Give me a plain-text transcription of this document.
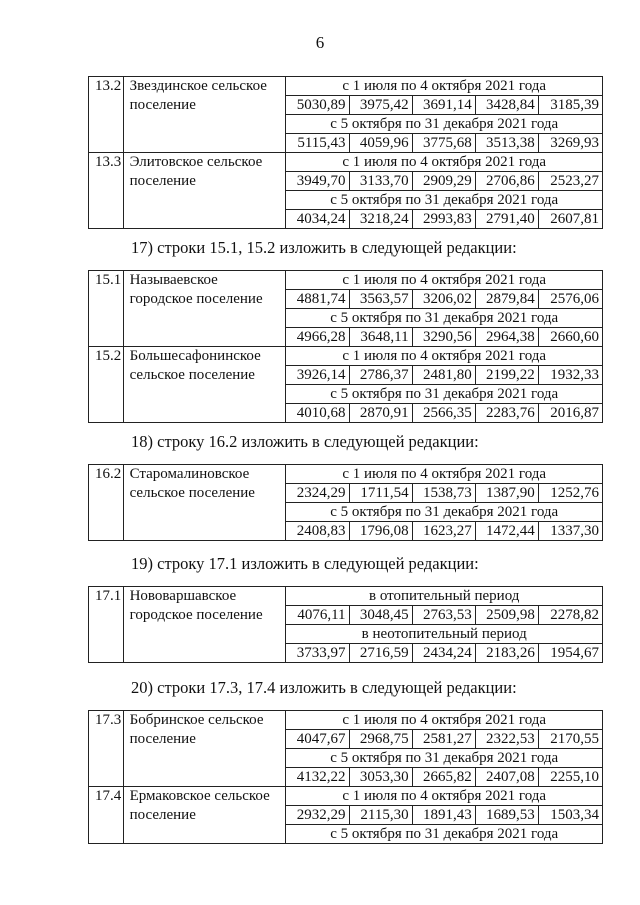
6
13.2	Звездинское сельское
поселение	с 1 июля по 4 октября 2021 года				
		5030,89	3975,42	3691,14	3428,84	3185,39
		с 5 октября по 31 декабря 2021 года				
		5115,43	4059,96	3775,68	3513,38	3269,93
13.3	Элитовское сельское
поселение	с 1 июля по 4 октября 2021 года				
		3949,70	3133,70	2909,29	2706,86	2523,27
		с 5 октября по 31 декабря 2021 года				
		4034,24	3218,24	2993,83	2791,40	2607,81
17) строки 15.1, 15.2 изложить в следующей редакции:
15.1	Называевское
городское поселение	с 1 июля по 4 октября 2021 года				
		4881,74	3563,57	3206,02	2879,84	2576,06
		с 5 октября по 31 декабря 2021 года				
		4966,28	3648,11	3290,56	2964,38	2660,60
15.2	Большесафонинское
сельское поселение	с 1 июля по 4 октября 2021 года				
		3926,14	2786,37	2481,80	2199,22	1932,33
		с 5 октября по 31 декабря 2021 года				
		4010,68	2870,91	2566,35	2283,76	2016,87
18) строку 16.2 изложить в следующей редакции:
16.2	Старомалиновское
сельское поселение	с 1 июля по 4 октября 2021 года				
		2324,29	1711,54	1538,73	1387,90	1252,76
		с 5 октября по 31 декабря 2021 года				
		2408,83	1796,08	1623,27	1472,44	1337,30
19) строку 17.1 изложить в следующей редакции:
17.1	Нововаршавское
городское поселение	в отопительный период				
		4076,11	3048,45	2763,53	2509,98	2278,82
		в неотопительный период				
		3733,97	2716,59	2434,24	2183,26	1954,67
20) строки 17.3, 17.4 изложить в следующей редакции:
17.3	Бобринское сельское
поселение	с 1 июля по 4 октября 2021 года				
		4047,67	2968,75	2581,27	2322,53	2170,55
		с 5 октября по 31 декабря 2021 года				
		4132,22	3053,30	2665,82	2407,08	2255,10
17.4	Ермаковское сельское
поселение	с 1 июля по 4 октября 2021 года				
		2932,29	2115,30	1891,43	1689,53	1503,34
		с 5 октября по 31 декабря 2021 года				
